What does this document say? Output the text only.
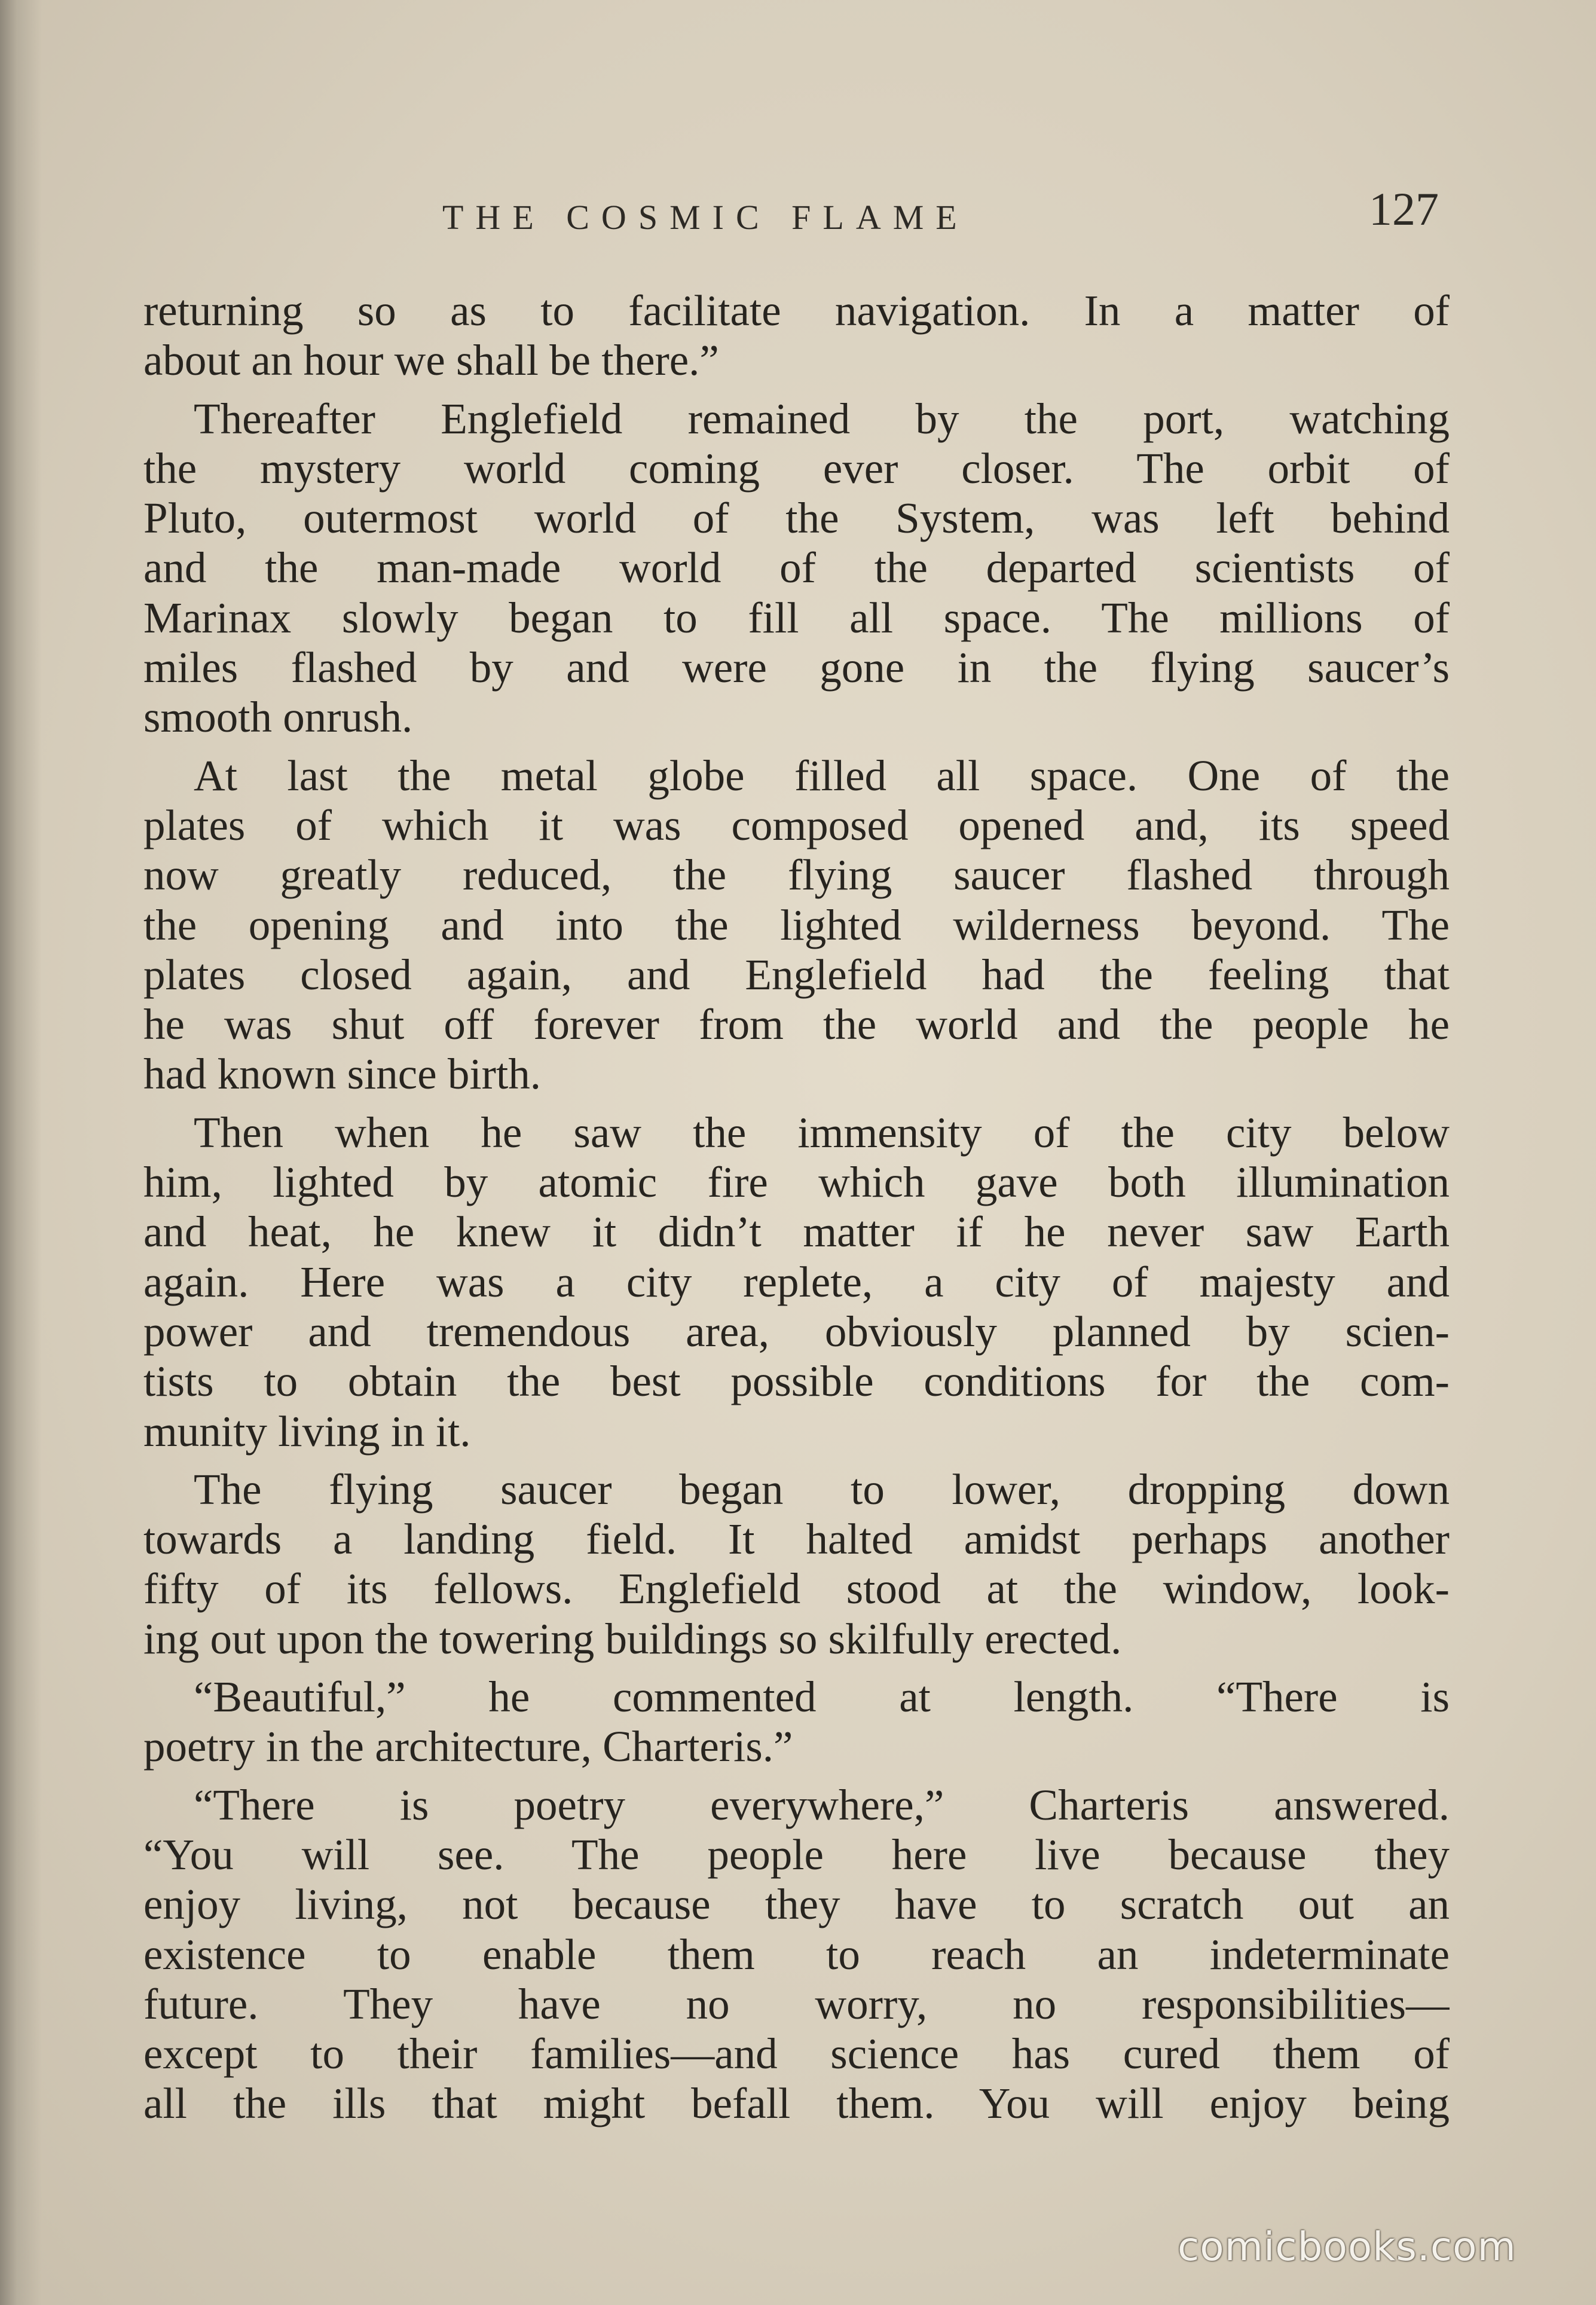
THE COSMIC FLAME	127
returning so as to facilitate navigation. In a matter of
about an hour we shall be there.”
Thereafter Englefield remained by the port, watching
the mystery world coming ever closer. The orbit of
Pluto, outermost world of the System, was left behind
and the man-made world of the departed scientists of
Marinax slowly began to fill all space. The millions of
miles flashed by and were gone in the flying saucer’s
smooth onrush.
At last the metal globe filled all space. One of the
plates of which it was composed opened and, its speed
now greatly reduced, the flying saucer flashed through
the opening and into the lighted wilderness beyond. The
plates closed again, and Englefield had the feeling that
he was shut off forever from the world and the people he
had known since birth.
Then when he saw the immensity of the city below
him, lighted by atomic fire which gave both illumination
and heat, he knew it didn’t matter if he never saw Earth
again. Here was a city replete, a city of majesty and
power and tremendous area, obviously planned by scien-
tists to obtain the best possible conditions for the com-
munity living in it.
The flying saucer began to lower, dropping down
towards a landing field. It halted amidst perhaps another
fifty of its fellows. Englefield stood at the window, look-
ing out upon the towering buildings so skilfully erected.
“Beautiful,” he commented at length. “There is
poetry in the architecture, Charteris.”
“There is poetry everywhere,” Charteris answered.
“You will see. The people here live because they
enjoy living, not because they have to scratch out an
existence to enable them to reach an indeterminate
future. They have no worry, no responsibilities—
except to their families—and science has cured them of
all the ills that might befall them. You will enjoy being
comicbooks.com
